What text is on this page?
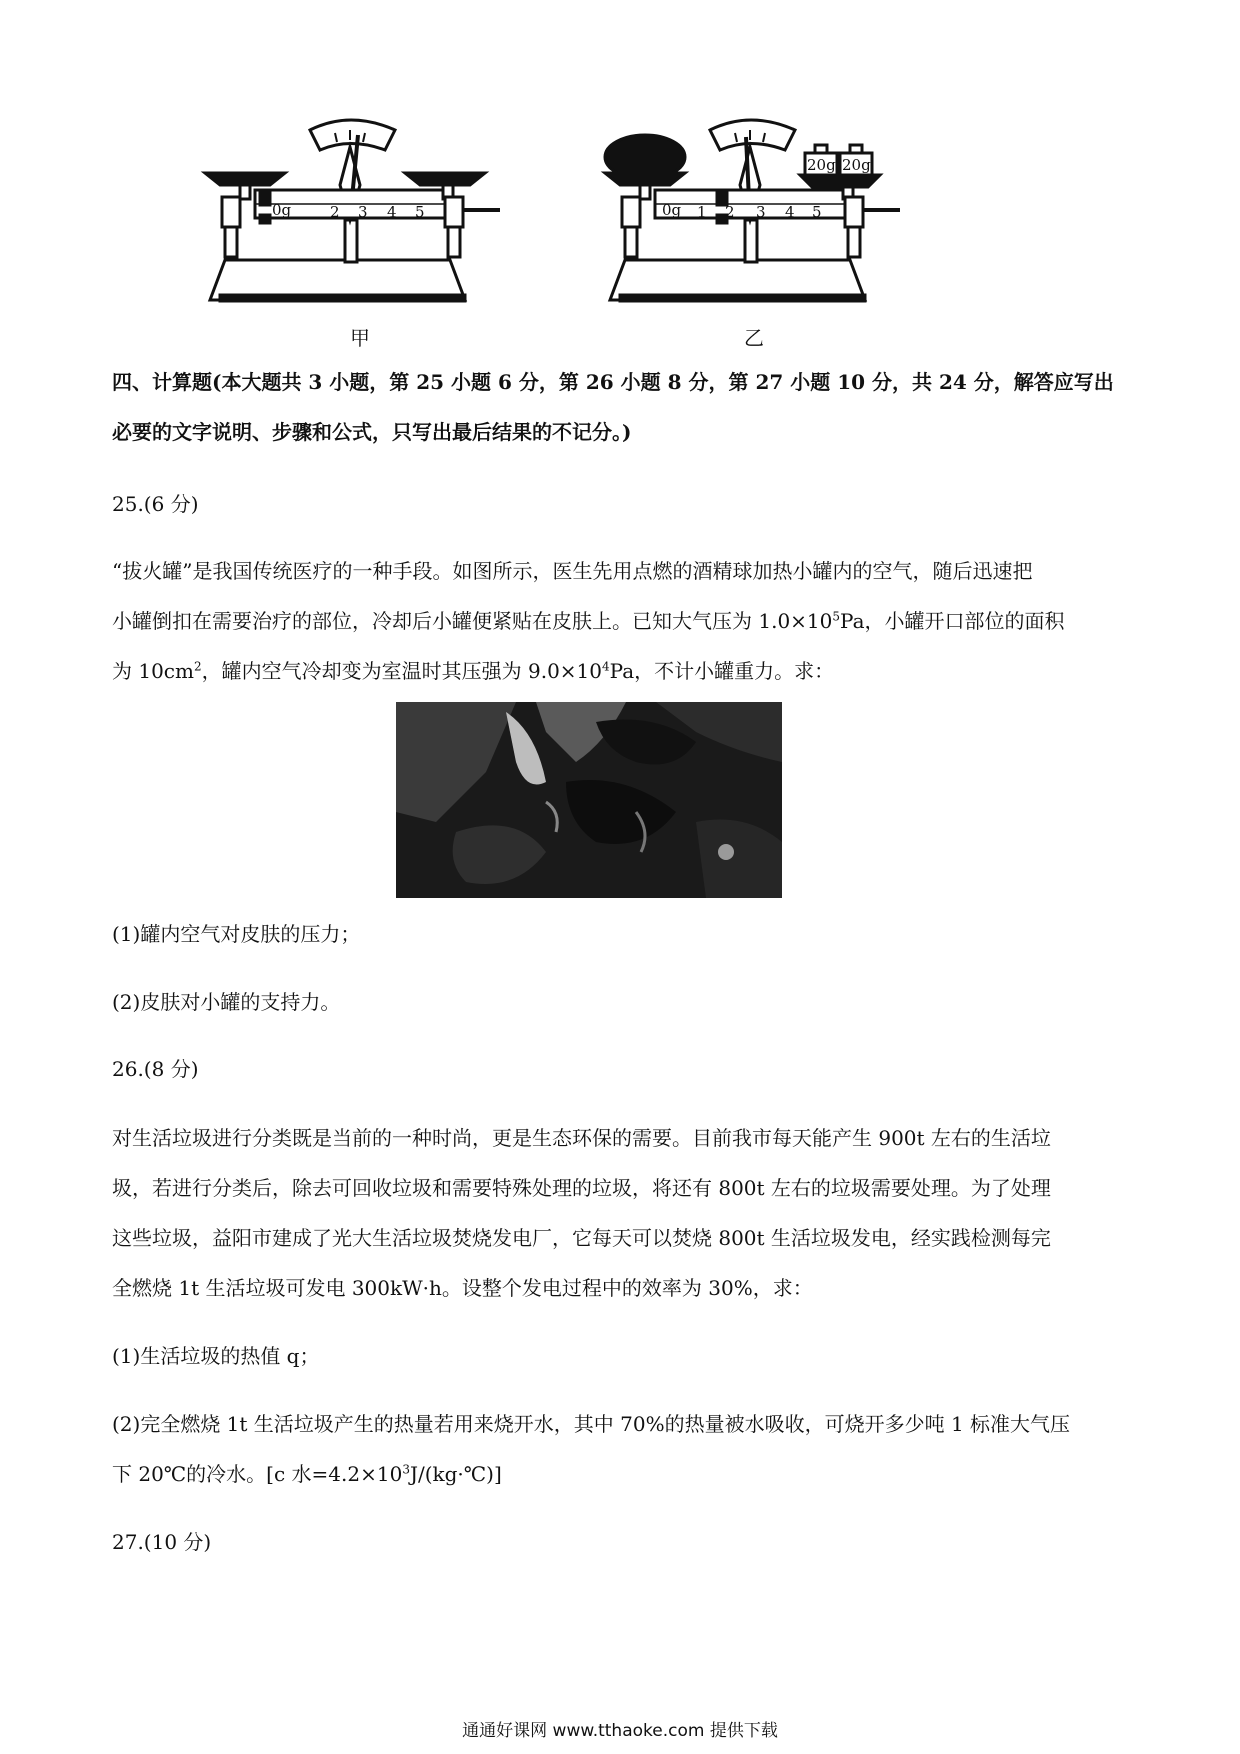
0g	2 3 4 5
20g 20g
0g 1 2 3 4 5
甲	乙
四、计算题(本大题共 3 小题，第 25 小题 6 分，第 26 小题 8 分，第 27 小题 10 分，共 24 分，解答应写出
必要的文字说明、步骤和公式，只写出最后结果的不记分。)
25.(6 分)
“拔火罐”是我国传统医疗的一种手段。如图所示，医生先用点燃的酒精球加热小罐内的空气，随后迅速把
小罐倒扣在需要治疗的部位，冷却后小罐便紧贴在皮肤上。已知大气压为 $1.0\times 10^5Pa$，小罐开口部位的面积
为 $10cm^2$，罐内空气冷却变为室温时其压强为 $9.0\times 10^4Pa$，不计小罐重力。求：
(1)罐内空气对皮肤的压力；
(2)皮肤对小罐的支持力。
26.(8 分)
对生活垃圾进行分类既是当前的一种时尚，更是生态环保的需要。目前我市每天能产生 900t 左右的生活垃
圾，若进行分类后，除去可回收垃圾和需要特殊处理的垃圾，将还有 800t 左右的垃圾需要处理。为了处理
这些垃圾，益阳市建成了光大生活垃圾焚烧发电厂，它每天可以焚烧 800t 生活垃圾发电，经实践检测每完
全燃烧 1t 生活垃圾可发电 300kW·h。设整个发电过程中的效率为 30%，求：
(1)生活垃圾的热值 q；
(2)完全燃烧 1t 生活垃圾产生的热量若用来烧开水，其中 70%的热量被水吸收，可烧开多少吨 1 标准大气压
下 20℃的冷水。[c 水$=4.2\times 10^3J/(kg\cdot℃)$]
27.(10 分)
通通好课网 www.tthaoke.com 提供下载
